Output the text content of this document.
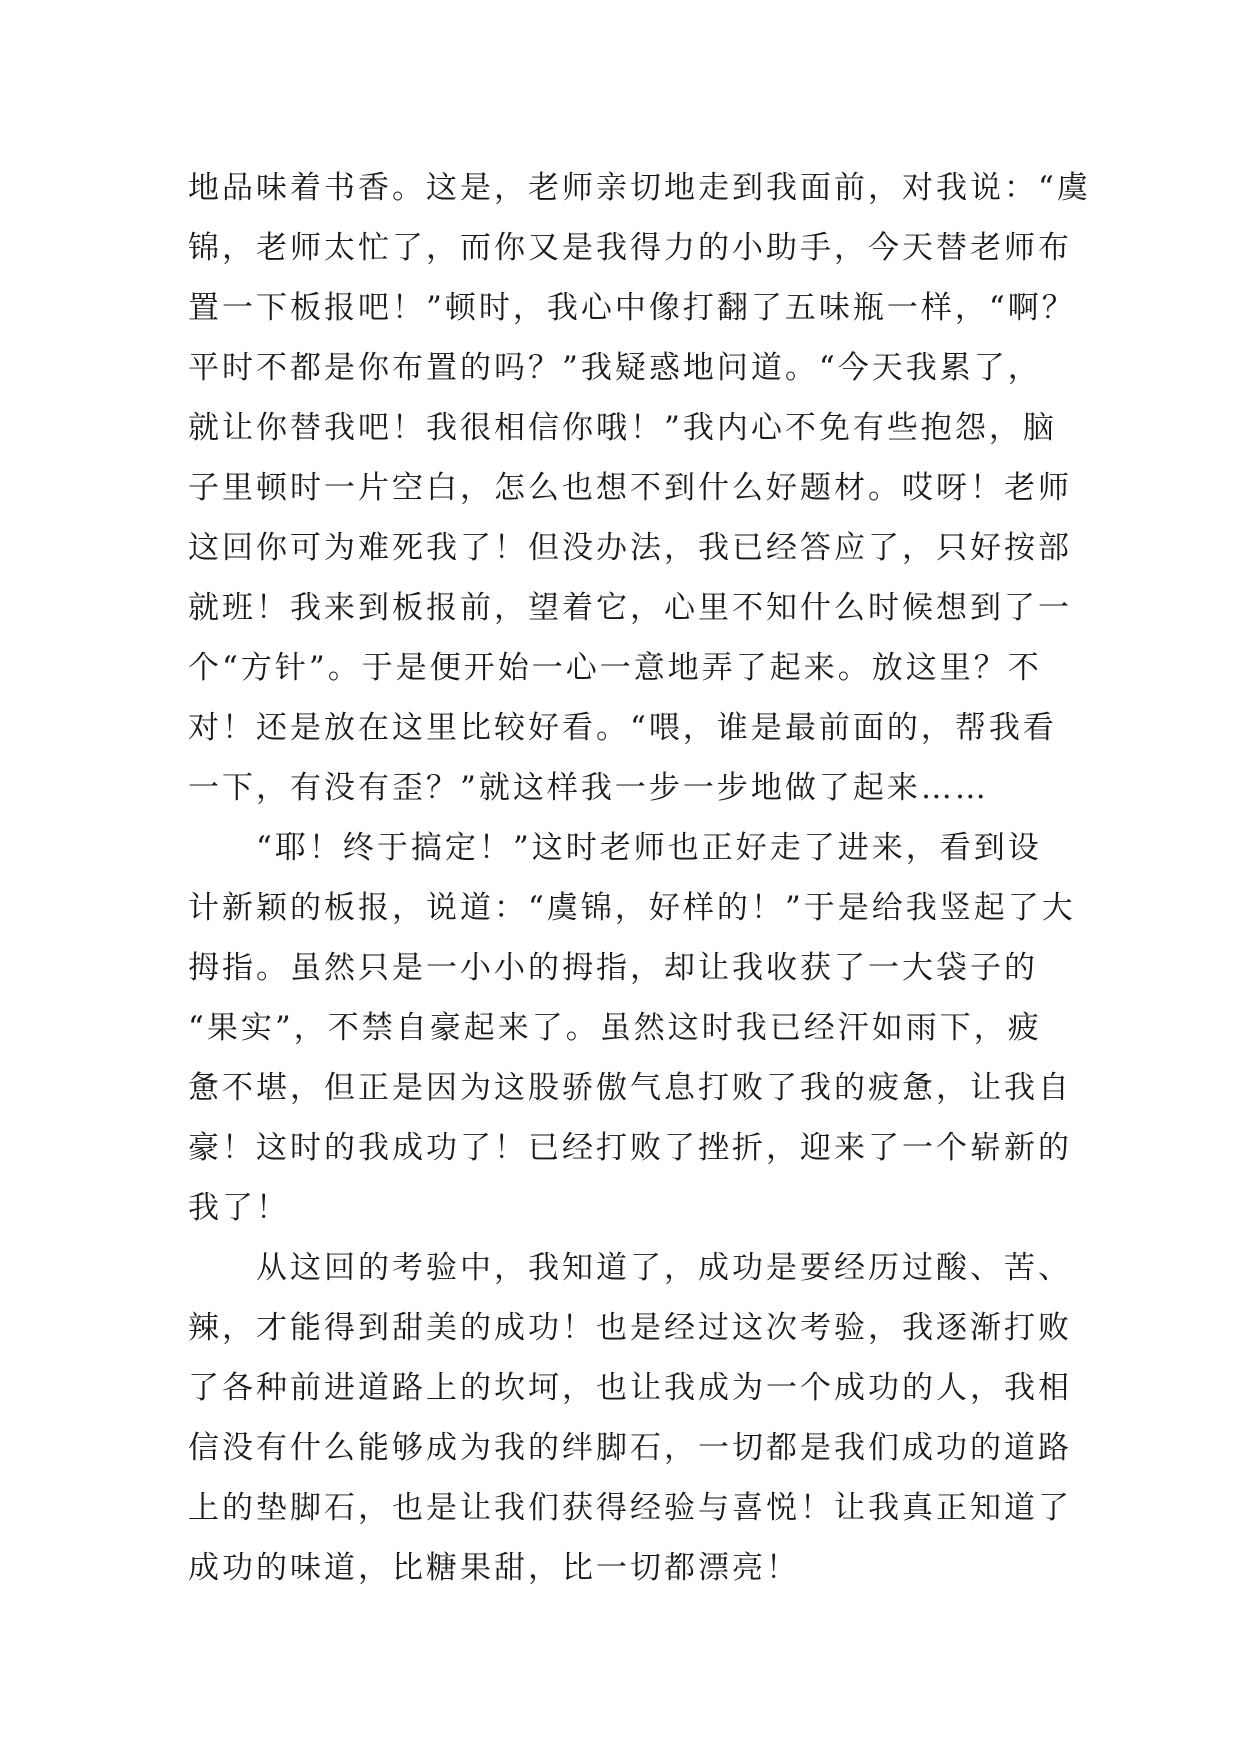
地品味着书香。这是，老师亲切地走到我面前，对我说：“虞
锦，老师太忙了，而你又是我得力的小助手，今天替老师布
置一下板报吧！”顿时，我心中像打翻了五味瓶一样，“啊？
平时不都是你布置的吗？”我疑惑地问道。“今天我累了，
就让你替我吧！我很相信你哦！”我内心不免有些抱怨，脑
子里顿时一片空白，怎么也想不到什么好题材。哎呀！老师
这回你可为难死我了！但没办法，我已经答应了，只好按部
就班！我来到板报前，望着它，心里不知什么时候想到了一
个“方针”。于是便开始一心一意地弄了起来。放这里？不
对！还是放在这里比较好看。“喂，谁是最前面的，帮我看
一下，有没有歪？”就这样我一步一步地做了起来……
“耶！终于搞定！”这时老师也正好走了进来，看到设
计新颖的板报，说道：“虞锦，好样的！”于是给我竖起了大
拇指。虽然只是一小小的拇指，却让我收获了一大袋子的
“果实”，不禁自豪起来了。虽然这时我已经汗如雨下，疲
惫不堪，但正是因为这股骄傲气息打败了我的疲惫，让我自
豪！这时的我成功了！已经打败了挫折，迎来了一个崭新的
我了！
从这回的考验中，我知道了，成功是要经历过酸、苦、
辣，才能得到甜美的成功！也是经过这次考验，我逐渐打败
了各种前进道路上的坎坷，也让我成为一个成功的人，我相
信没有什么能够成为我的绊脚石，一切都是我们成功的道路
上的垫脚石，也是让我们获得经验与喜悦！让我真正知道了
成功的味道，比糖果甜，比一切都漂亮！
